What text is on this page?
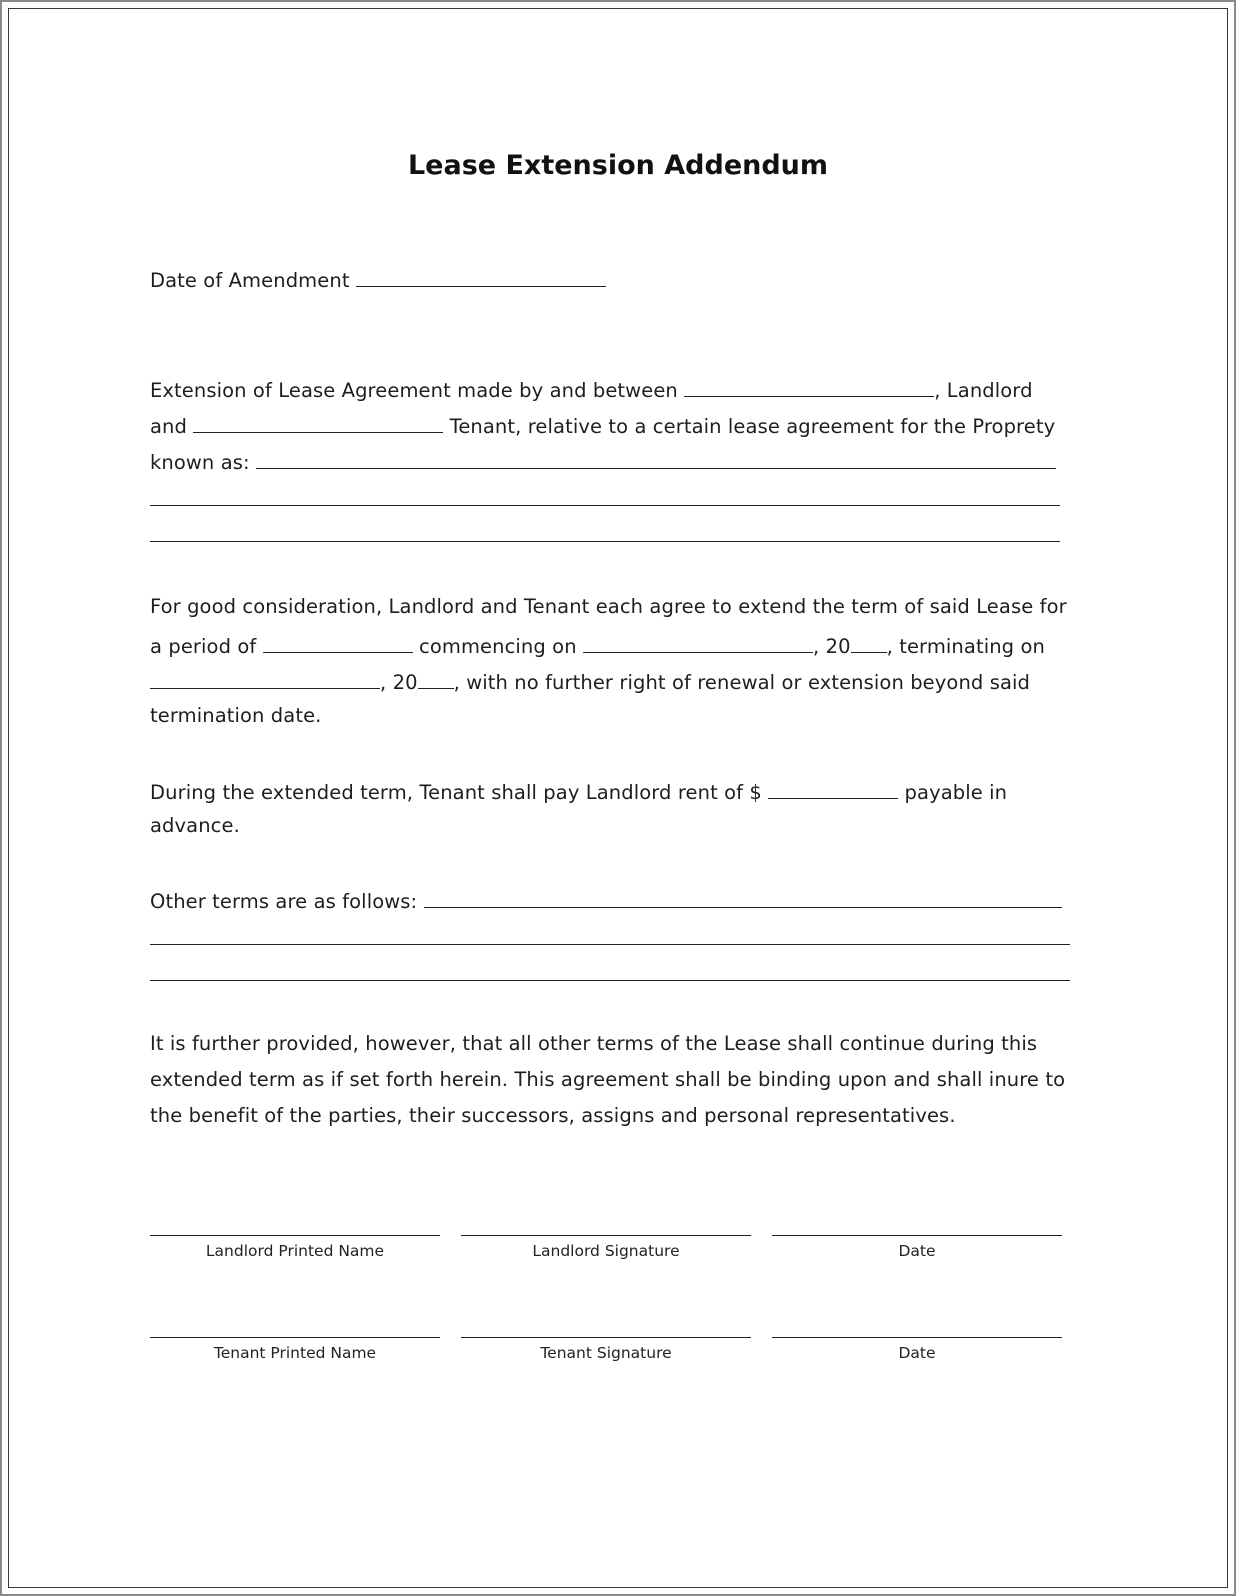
Lease Extension Addendum
Date of Amendment
Extension of Lease Agreement made by and between	, Landlord
and	Tenant, relative to a certain lease agreement for the Proprety
known as:
For good consideration, Landlord and Tenant each agree to extend the term of said Lease for
a period of	commencing on	, 20 , terminating on
, 20 , with no further right of renewal or extension beyond said
termination date.
During the extended term, Tenant shall pay Landlord rent of $	payable in
advance.
Other terms are as follows:
It is further provided, however, that all other terms of the Lease shall continue during this
extended term as if set forth herein. This agreement shall be binding upon and shall inure to
the benefit of the parties, their successors, assigns and personal representatives.
Landlord Printed Name	Landlord Signature	Date
Tenant Printed Name	Tenant Signature	Date
